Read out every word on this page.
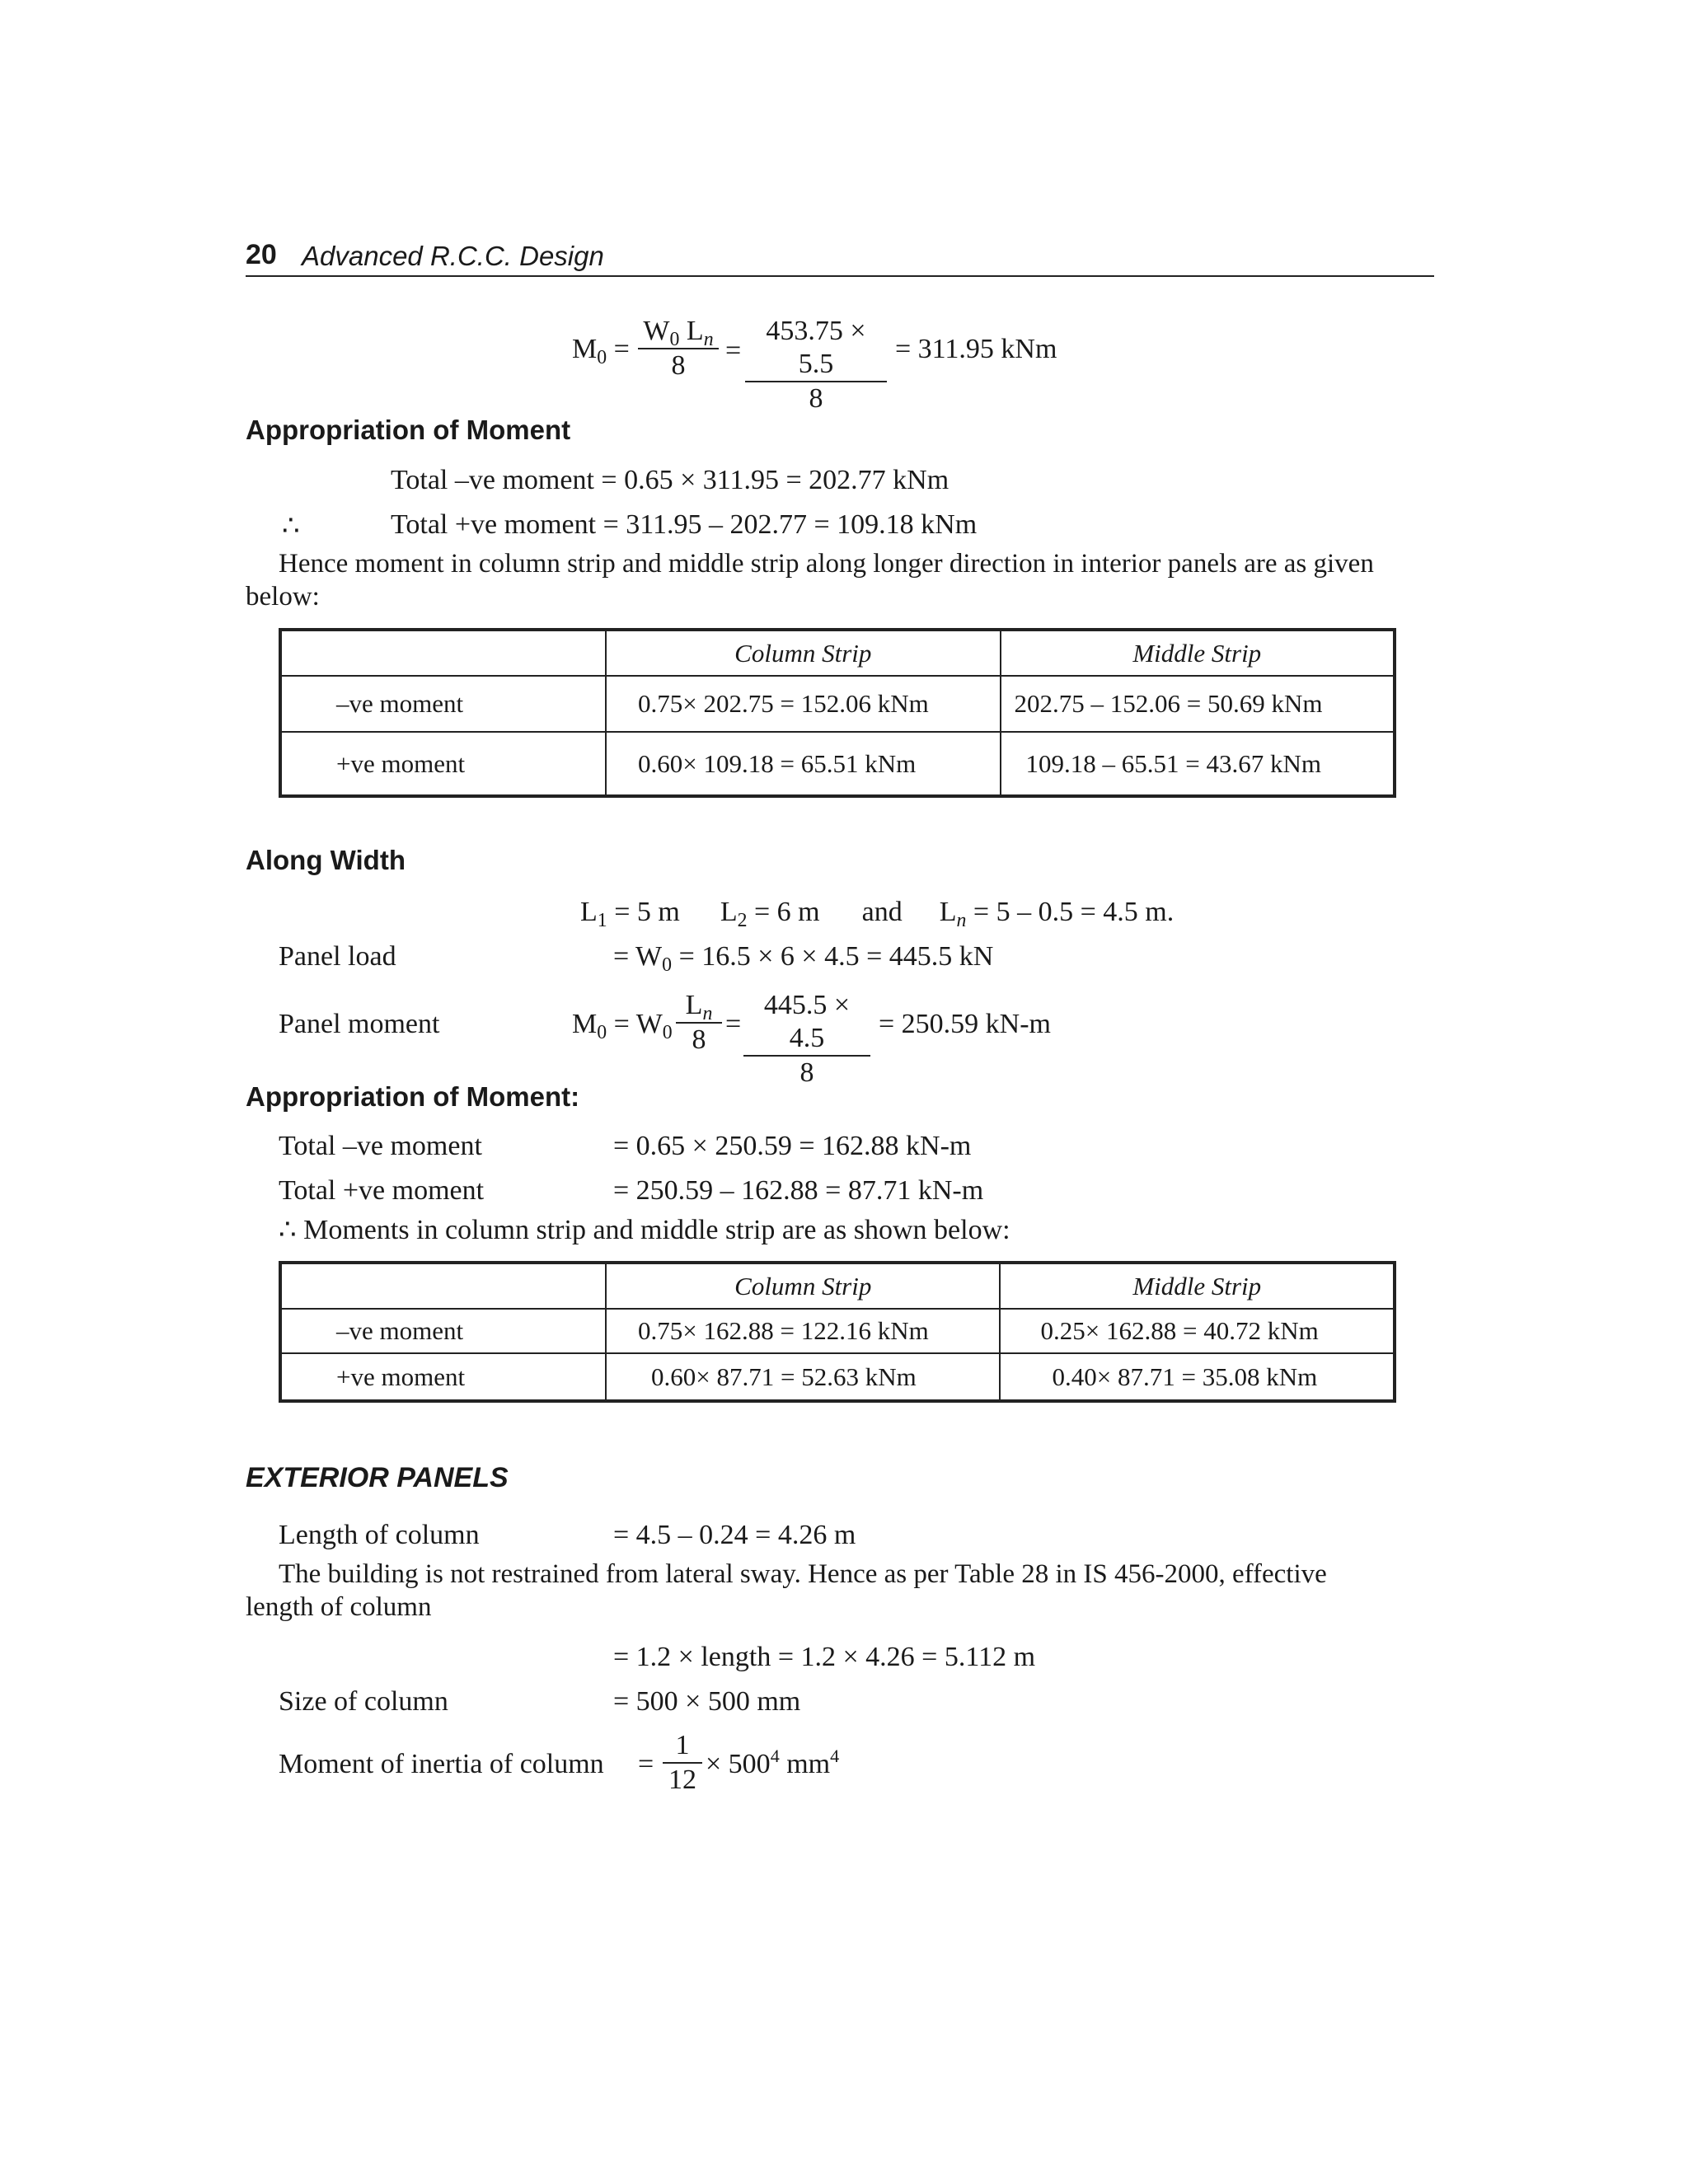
20 Advanced R.C.C. Design
$M_0 = \frac{W_0 L_n}{8} = \frac{453.75 \times 5.5}{8} = 311.95$ kNm
Appropriation of Moment
Total –ve moment = 0.65 × 311.95 = 202.77 kNm
∴	Total +ve moment = 311.95 – 202.77 = 109.18 kNm
Hence moment in column strip and middle strip along longer direction in interior panels are as given
below:
	Column Strip	Middle Strip
–ve moment	0.75× 202.75 = 152.06 kNm	202.75 – 152.06 = 50.69 kNm
+ve moment	0.60× 109.18 = 65.51 kNm	109.18 – 65.51 = 43.67 kNm
Along Width
$L_1 = 5$ m $L_2 = 6$ m and $L_n = 5 - 0.5 = 4.5$ m.
Panel load	= $W_0 = 16.5 \times 6 \times 4.5 = 445.5$ kN
Panel moment	$M_0 = W_0 \frac{L_n}{8} = \frac{445.5 \times 4.5}{8} = 250.59$ kN-m
Appropriation of Moment:
Total –ve moment	= 0.65 × 250.59 = 162.88 kN-m
Total +ve moment	= 250.59 – 162.88 = 87.71 kN-m
∴ Moments in column strip and middle strip are as shown below:
	Column Strip	Middle Strip
–ve moment	0.75× 162.88 = 122.16 kNm	0.25× 162.88 = 40.72 kNm
+ve moment	0.60× 87.71 = 52.63 kNm	0.40× 87.71 = 35.08 kNm
EXTERIOR PANELS
Length of column	= 4.5 – 0.24 = 4.26 m
The building is not restrained from lateral sway. Hence as per Table 28 in IS 456-2000, effective
length of column
= 1.2 × length = 1.2 × 4.26 = 5.112 m
Size of column	= 500 × 500 mm
Moment of inertia of column = $\frac{1}{12} \times 500^4$ $mm^4$
